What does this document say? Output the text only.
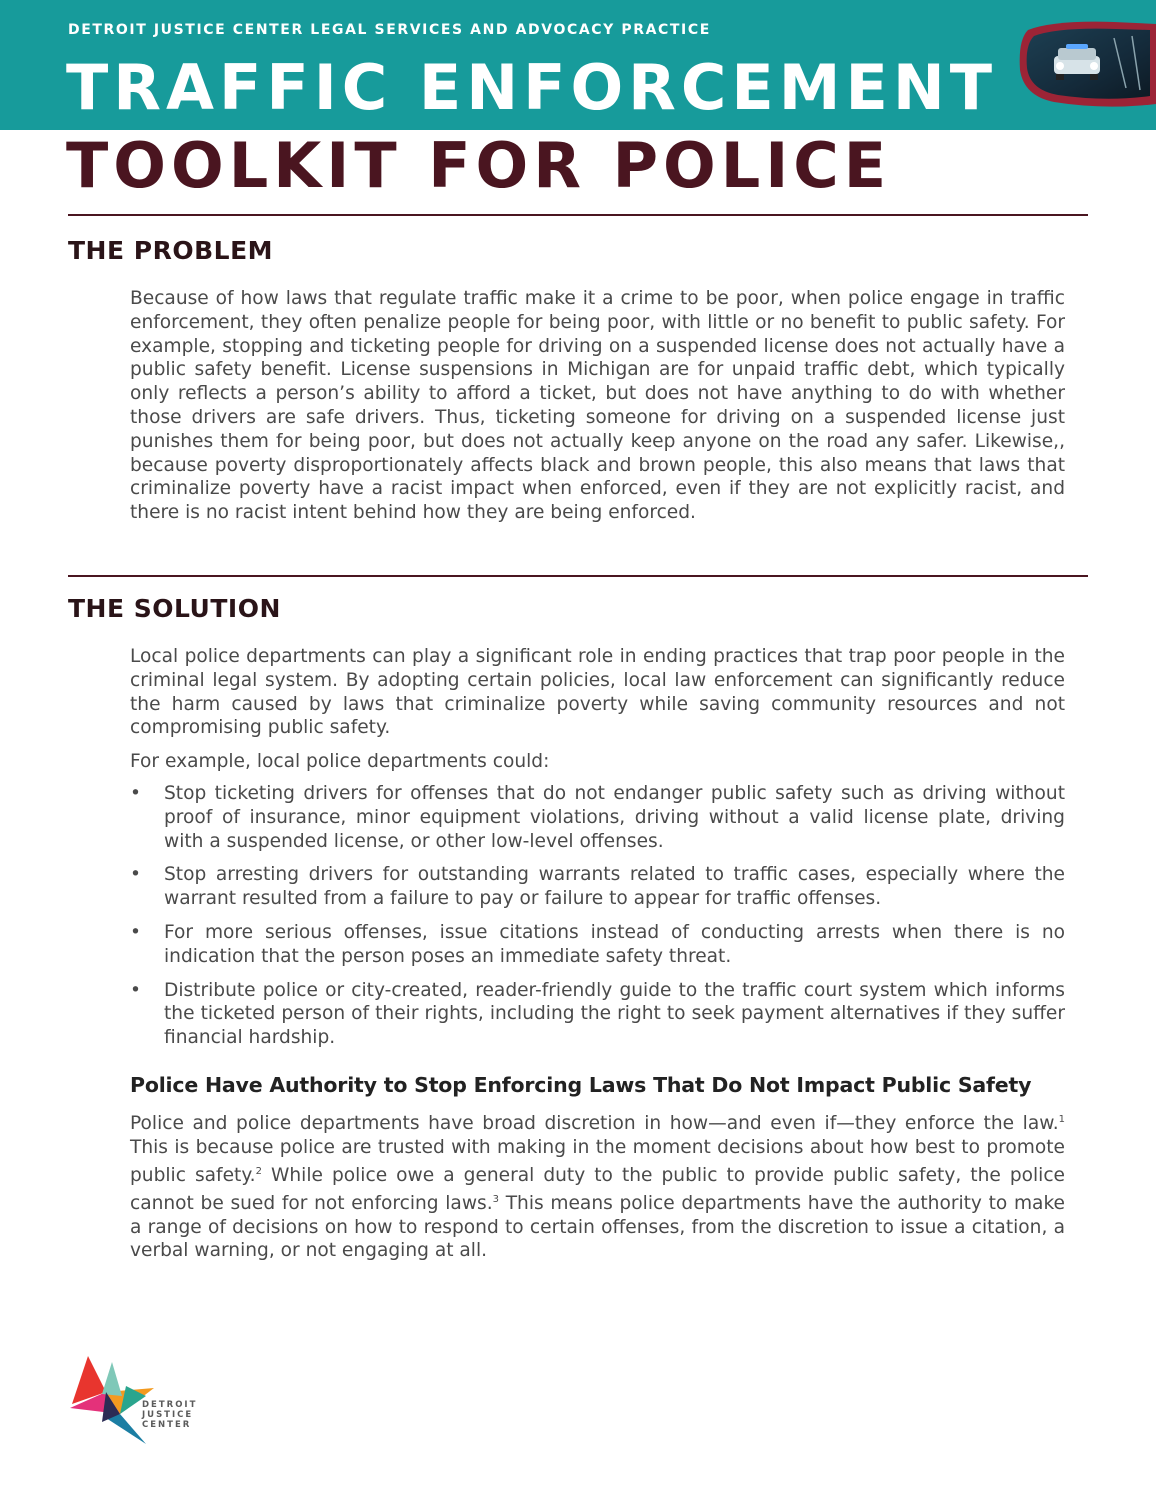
DETROIT JUSTICE CENTER LEGAL SERVICES AND ADVOCACY PRACTICE
TRAFFIC ENFORCEMENT
TOOLKIT FOR POLICE
THE PROBLEM

Because of how laws that regulate traffic make it a crime to be poor, when police engage in traffic enforcement, they often penalize people for being poor, with little or no benefit to public safety. For example, stopping and ticketing people for driving on a suspended license does not actually have a public safety benefit. License suspensions in Michigan are for unpaid traffic debt, which typically only reflects a person’s ability to afford a ticket, but does not have anything to do with whether those drivers are safe drivers. Thus, ticketing someone for driving on a suspended license just punishes them for being poor, but does not actually keep anyone on the road any safer. Likewise,, because poverty disproportionately affects black and brown people, this also means that laws that criminalize poverty have a racist impact when enforced, even if they are not explicitly racist, and there is no racist intent behind how they are being enforced.

THE SOLUTION

Local police departments can play a significant role in ending practices that trap poor people in the criminal legal system. By adopting certain policies, local law enforcement can significantly reduce the harm caused by laws that criminalize poverty while saving community resources and not compromising public safety.

For example, local police departments could:

•	Stop ticketing drivers for offenses that do not endanger public safety such as driving without proof of insurance, minor equipment violations, driving without a valid license plate, driving with a suspended license, or other low-level offenses.
•	Stop arresting drivers for outstanding warrants related to traffic cases, especially where the warrant resulted from a failure to pay or failure to appear for traffic offenses.
•	For more serious offenses, issue citations instead of conducting arrests when there is no indication that the person poses an immediate safety threat.
•	Distribute police or city-created, reader-friendly guide to the traffic court system which informs the ticketed person of their rights, including the right to seek payment alternatives if they suffer financial hardship.
Police Have Authority to Stop Enforcing Laws That Do Not Impact Public Safety

Police and police departments have broad discretion in how—and even if—they enforce the law.$^1$ This is because police are trusted with making in the moment decisions about how best to promote public safety.$^2$ While police owe a general duty to the public to provide public safety, the police cannot be sued for not enforcing laws.$^3$ This means police departments have the authority to make a range of decisions on how to respond to certain offenses, from the discretion to issue a citation, a verbal warning, or not engaging at all.

DETROIT
JUSTICE
CENTER
